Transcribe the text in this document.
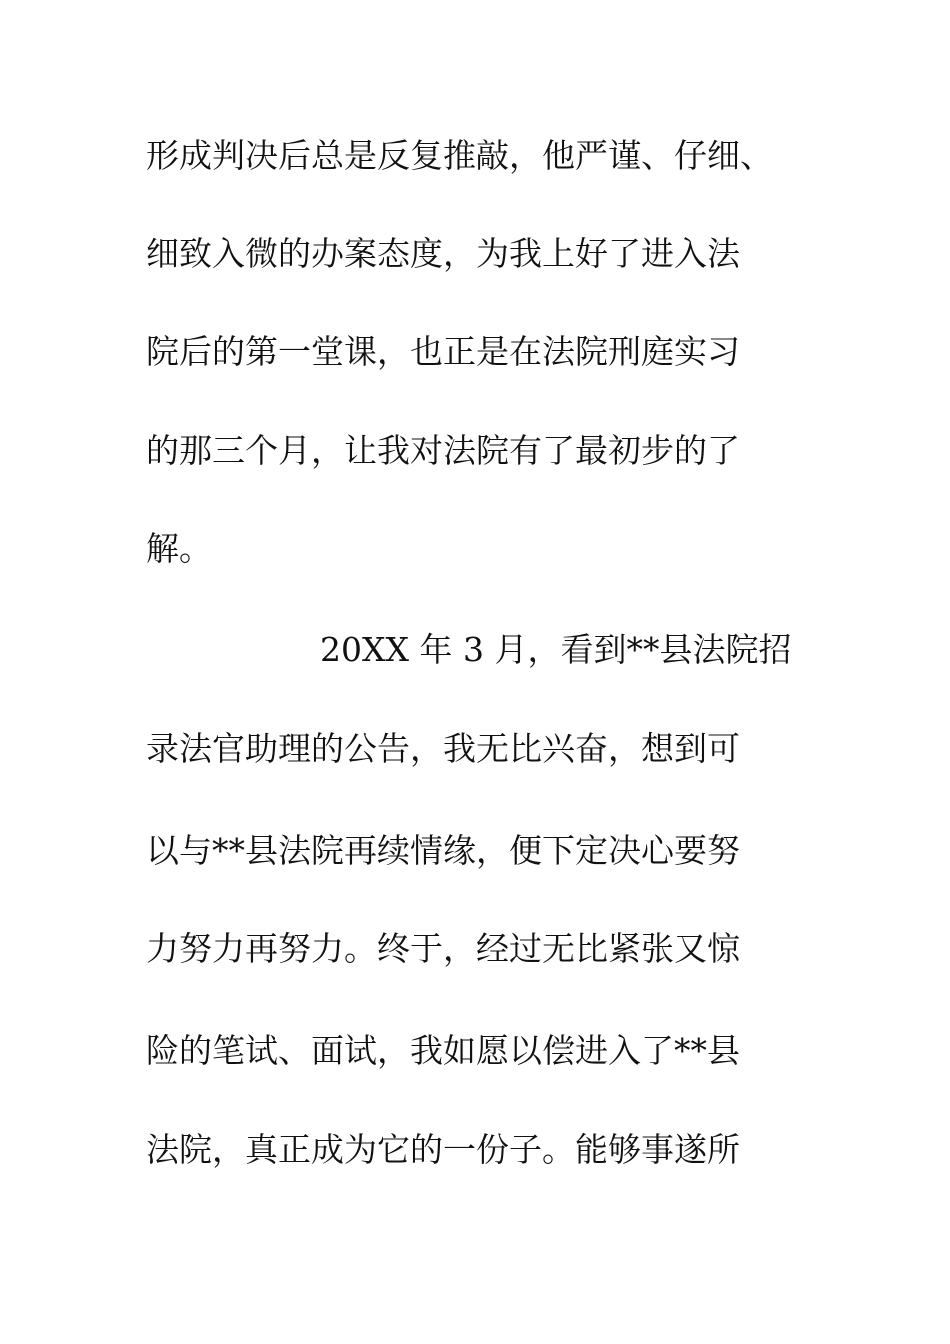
形成判决后总是反复推敲，他严谨、仔细、

细致入微的办案态度，为我上好了进入法

院后的第一堂课，也正是在法院刑庭实习

的那三个月，让我对法院有了最初步的了

解。

20XX 年 3 月，看到**县法院招

录法官助理的公告，我无比兴奋，想到可

以与**县法院再续情缘，便下定决心要努

力努力再努力。终于，经过无比紧张又惊

险的笔试、面试，我如愿以偿进入了**县

法院，真正成为它的一份子。能够事遂所
